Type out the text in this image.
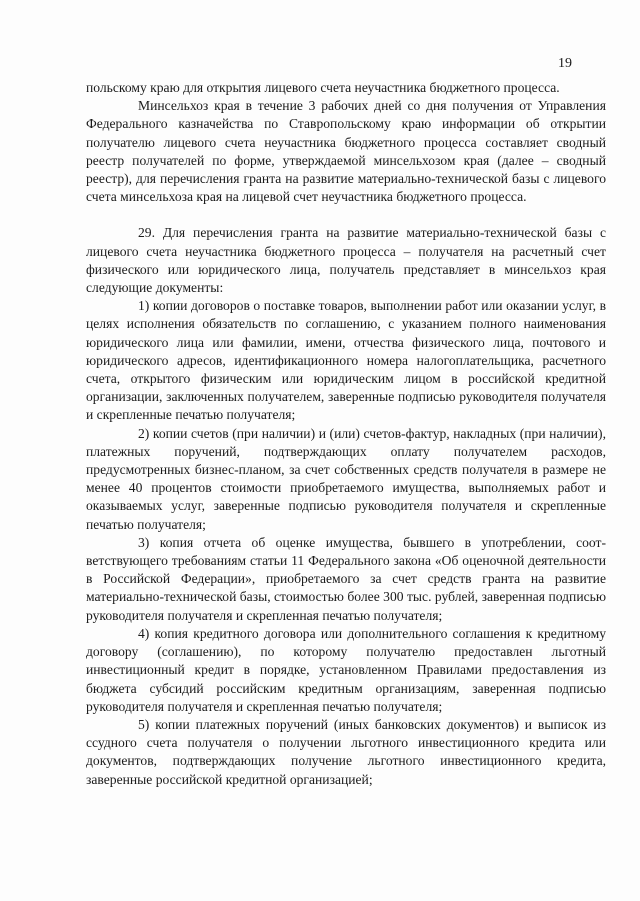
19

польскому краю для открытия лицевого счета неучастника бюджетного процесса.

Минсельхоз края в течение 3 рабочих дней со дня получения от Управления Федерального казначейства по Ставропольскому краю информации об открытии получателю лицевого счета неучастника бюджетного процесса составляет сводный реестр получателей по форме, утверждаемой минсельхозом края (далее – сводный реестр), для перечисления гранта на развитие материально-технической базы с лицевого счета минсельхоза края на лицевой счет неучастника бюджетного процесса.

29. Для перечисления гранта на развитие материально-технической базы с лицевого счета неучастника бюджетного процесса – получателя на расчетный счет физического или юридического лица, получатель представляет в минсельхоз края следующие документы:

1) копии договоров о поставке товаров, выполнении работ или оказании услуг, в целях исполнения обязательств по соглашению, с указанием полного наименования юридического лица или фамилии, имени, отчества физического лица, почтового и юридического адресов, идентификационного номера налогоплательщика, расчетного счета, открытого физическим или юридическим лицом в российской кредитной организации, заключенных получателем, заверенные подписью руководителя получателя и скрепленные печатью получателя;

2) копии счетов (при наличии) и (или) счетов-фактур, накладных (при наличии), платежных поручений, подтверждающих оплату получателем расходов, предусмотренных бизнес-планом, за счет собственных средств получателя в размере не менее 40 процентов стоимости приобретаемого имущества, выполняемых работ и оказываемых услуг, заверенные подписью руководителя получателя и скрепленные печатью получателя;

3) копия отчета об оценке имущества, бывшего в употреблении, соответствующего требованиям статьи 11 Федерального закона «Об оценочной деятельности в Российской Федерации», приобретаемого за счет средств гранта на развитие материально-технической базы, стоимостью более 300 тыс. рублей, заверенная подписью руководителя получателя и скрепленная печатью получателя;

4) копия кредитного договора или дополнительного соглашения к кредитному договору (соглашению), по которому получателю предоставлен льготный инвестиционный кредит в порядке, установленном Правилами предоставления из бюджета субсидий российским кредитным организациям, заверенная подписью руководителя получателя и скрепленная печатью получателя;

5) копии платежных поручений (иных банковских документов) и выписок из ссудного счета получателя о получении льготного инвестиционного кредита или документов, подтверждающих получение льготного инвестиционного кредита, заверенные российской кредитной организацией;
